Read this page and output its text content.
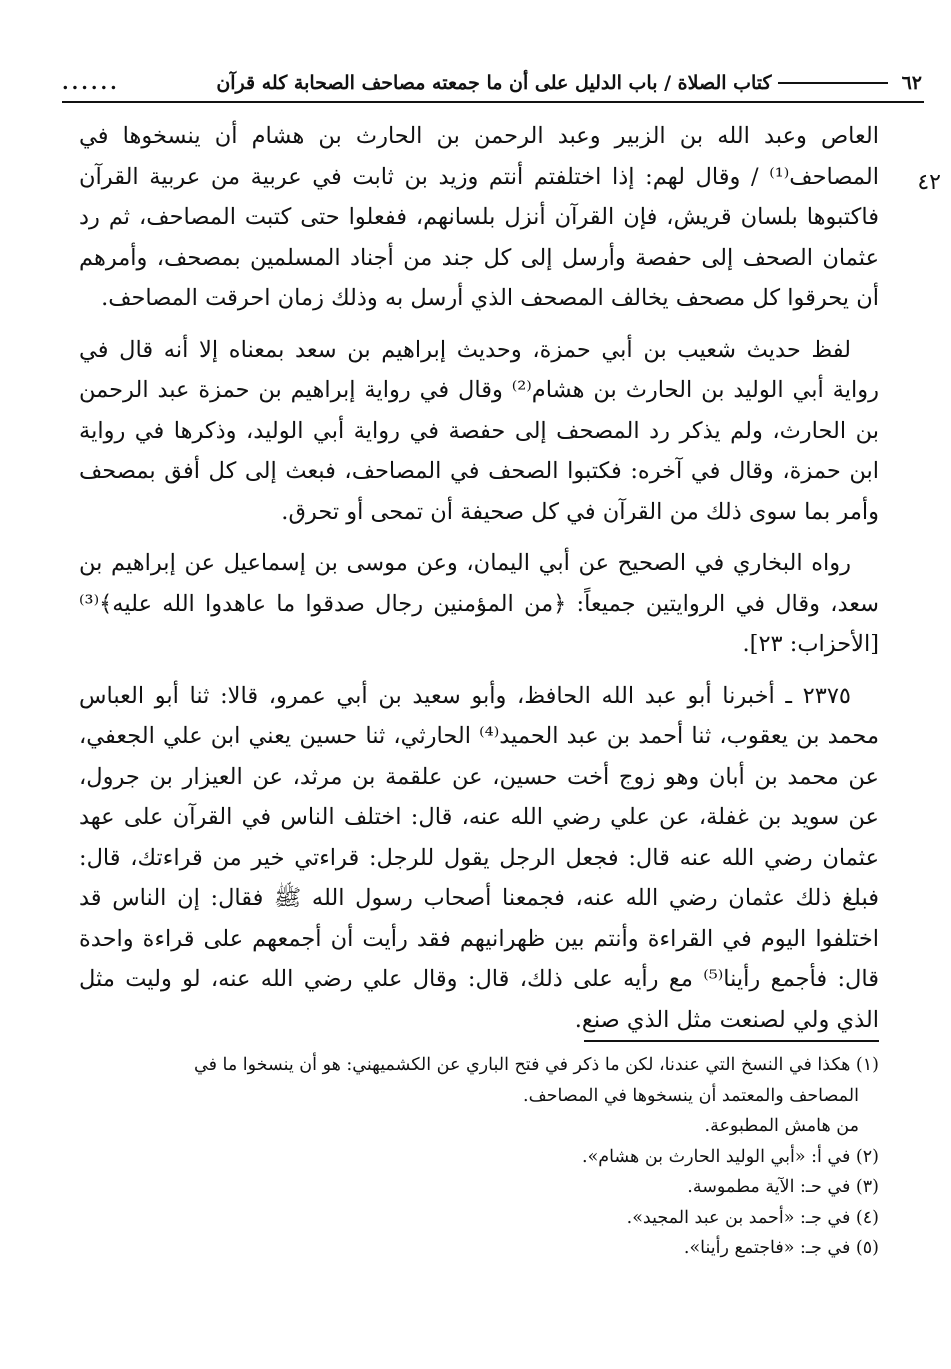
٦٢
كتاب الصلاة / باب الدليل على أن ما جمعته مصاحف الصحابة كله قرآن
......
٤٢

العاص وعبد الله بن الزبير وعبد الرحمن بن الحارث بن هشام أن ينسخوها في المصاحف⁽¹⁾ / وقال لهم: إذا اختلفتم أنتم وزيد بن ثابت في عربية من عربية القرآن فاكتبوها بلسان قريش، فإن القرآن أنزل بلسانهم، ففعلوا حتى كتبت المصاحف، ثم رد عثمان الصحف إلى حفصة وأرسل إلى كل جند من أجناد المسلمين بمصحف، وأمرهم أن يحرقوا كل مصحف يخالف المصحف الذي أرسل به وذلك زمان احرقت المصاحف.

لفظ حديث شعيب بن أبي حمزة، وحديث إبراهيم بن سعد بمعناه إلا أنه قال في رواية أبي الوليد بن الحارث بن هشام⁽²⁾ وقال في رواية إبراهيم بن حمزة عبد الرحمن بن الحارث، ولم يذكر رد المصحف إلى حفصة في رواية أبي الوليد، وذكرها في رواية ابن حمزة، وقال في آخره: فكتبوا الصحف في المصاحف، فبعث إلى كل أفق بمصحف وأمر بما سوى ذلك من القرآن في كل صحيفة أن تمحى أو تحرق.

رواه البخاري في الصحيح عن أبي اليمان، وعن موسى بن إسماعيل عن إبراهيم بن سعد، وقال في الروايتين جميعاً: ﴿من المؤمنين رجال صدقوا ما عاهدوا الله عليه﴾⁽³⁾ [الأحزاب: ٢٣].

٢٣٧٥ ـ أخبرنا أبو عبد الله الحافظ، وأبو سعيد بن أبي عمرو، قالا: ثنا أبو العباس محمد بن يعقوب، ثنا أحمد بن عبد الحميد⁽⁴⁾ الحارثي، ثنا حسين يعني ابن علي الجعفي، عن محمد بن أبان وهو زوج أخت حسين، عن علقمة بن مرثد، عن العيزار بن جرول، عن سويد بن غفلة، عن علي رضي الله عنه، قال: اختلف الناس في القرآن على عهد عثمان رضي الله عنه قال: فجعل الرجل يقول للرجل: قراءتي خير من قراءتك، قال: فبلغ ذلك عثمان رضي الله عنه، فجمعنا أصحاب رسول الله ﷺ فقال: إن الناس قد اختلفوا اليوم في القراءة وأنتم بين ظهرانيهم فقد رأيت أن أجمعهم على قراءة واحدة قال: فأجمع رأينا⁽⁵⁾ مع رأيه على ذلك، قال: وقال علي رضي الله عنه، لو وليت مثل الذي ولي لصنعت مثل الذي صنع.

(١) هكذا في النسخ التي عندنا، لكن ما ذكر في فتح الباري عن الكشميهني: هو أن ينسخوا ما في

المصاحف والمعتمد أن ينسخوها في المصاحف.

من هامش المطبوعة.

(٢) في أ: «أبي الوليد الحارث بن هشام».

(٣) في حـ: الآية مطموسة.

(٤) في جـ: «أحمد بن عبد المجيد».

(٥) في جـ: «فاجتمع رأينا».
